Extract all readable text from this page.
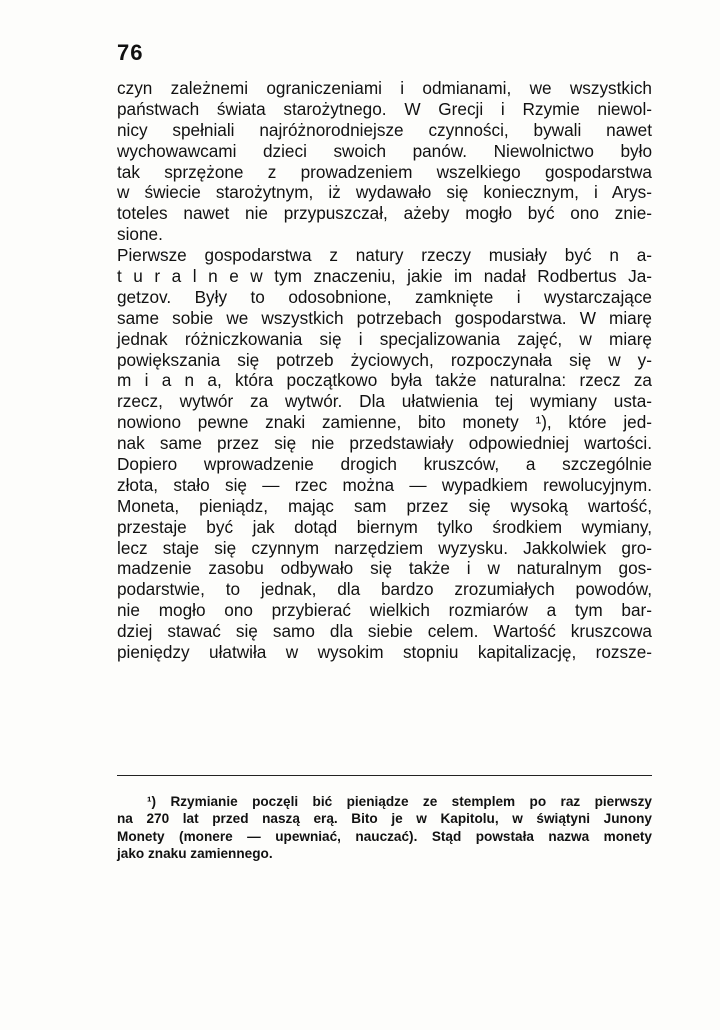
76
czyn zależnemi ograniczeniami i odmianami, we wszystkich
państwach świata starożytnego. W Grecji i Rzymie niewol-
nicy spełniali najróżnorodniejsze czynności, bywali nawet
wychowawcami dzieci swoich panów. Niewolnictwo było
tak sprzężone z prowadzeniem wszelkiego gospodarstwa
w świecie starożytnym, iż wydawało się koniecznym, i Arys-
toteles nawet nie przypuszczał, ażeby mogło być ono znie-
sione.
Pierwsze gospodarstwa z natury rzeczy musiały być n a-
t u r a l n e w tym znaczeniu, jakie im nadał Rodbertus Ja-
getzov. Były to odosobnione, zamknięte i wystarczające
same sobie we wszystkich potrzebach gospodarstwa. W miarę
jednak różniczkowania się i specjalizowania zajęć, w miarę
powiększania się potrzeb życiowych, rozpoczynała się w y-
m i a n a, która początkowo była także naturalna: rzecz za
rzecz, wytwór za wytwór. Dla ułatwienia tej wymiany usta-
nowiono pewne znaki zamienne, bito monety ¹), które jed-
nak same przez się nie przedstawiały odpowiedniej wartości.
Dopiero wprowadzenie drogich kruszców, a szczególnie
złota, stało się — rzec można — wypadkiem rewolucyjnym.
Moneta, pieniądz, mając sam przez się wysoką wartość,
przestaje być jak dotąd biernym tylko środkiem wymiany,
lecz staje się czynnym narzędziem wyzysku. Jakkolwiek gro-
madzenie zasobu odbywało się także i w naturalnym gos-
podarstwie, to jednak, dla bardzo zrozumiałych powodów,
nie mogło ono przybierać wielkich rozmiarów a tym bar-
dziej stawać się samo dla siebie celem. Wartość kruszcowa
pieniędzy ułatwiła w wysokim stopniu kapitalizację, rozsze-
¹) Rzymianie poczęli bić pieniądze ze stemplem po raz pierwszy
na 270 lat przed naszą erą. Bito je w Kapitolu, w świątyni Junony
Monety (monere — upewniać, nauczać). Stąd powstała nazwa monety
jako znaku zamiennego.
